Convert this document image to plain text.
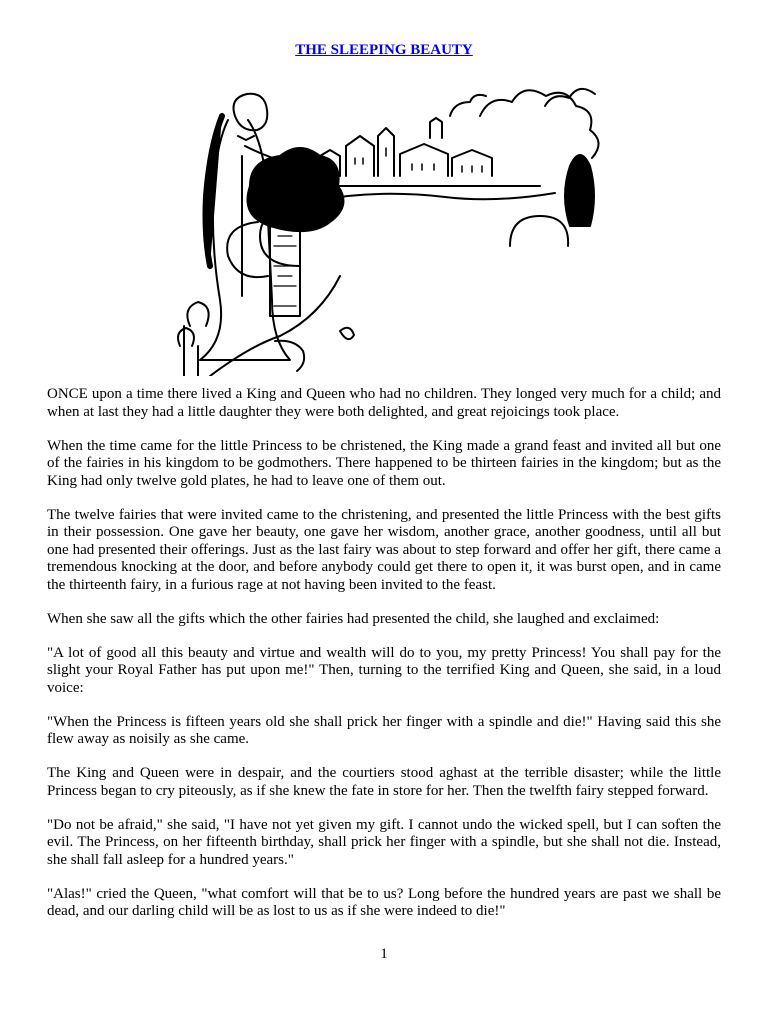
THE SLEEPING BEAUTY

ONCE upon a time there lived a King and Queen who had no children. They longed very much for a child; and when at last they had a little daughter they were both delighted, and great rejoicings took place.

When the time came for the little Princess to be christened, the King made a grand feast and invited all but one of the fairies in his kingdom to be godmothers. There happened to be thirteen fairies in the kingdom; but as the King had only twelve gold plates, he had to leave one of them out.

The twelve fairies that were invited came to the christening, and presented the little Princess with the best gifts in their possession. One gave her beauty, one gave her wisdom, another grace, another goodness, until all but one had presented their offerings. Just as the last fairy was about to step forward and offer her gift, there came a tremendous knocking at the door, and before anybody could get there to open it, it was burst open, and in came the thirteenth fairy, in a furious rage at not having been invited to the feast.

When she saw all the gifts which the other fairies had presented the child, she laughed and exclaimed:

"A lot of good all this beauty and virtue and wealth will do to you, my pretty Princess! You shall pay for the slight your Royal Father has put upon me!" Then, turning to the terrified King and Queen, she said, in a loud voice:

"When the Princess is fifteen years old she shall prick her finger with a spindle and die!" Having said this she flew away as noisily as she came.

The King and Queen were in despair, and the courtiers stood aghast at the terrible disaster; while the little Princess began to cry piteously, as if she knew the fate in store for her. Then the twelfth fairy stepped forward.

"Do not be afraid," she said, "I have not yet given my gift. I cannot undo the wicked spell, but I can soften the evil. The Princess, on her fifteenth birthday, shall prick her finger with a spindle, but she shall not die. Instead, she shall fall asleep for a hundred years."

"Alas!" cried the Queen, "what comfort will that be to us? Long before the hundred years are past we shall be dead, and our darling child will be as lost to us as if she were indeed to die!"

1
